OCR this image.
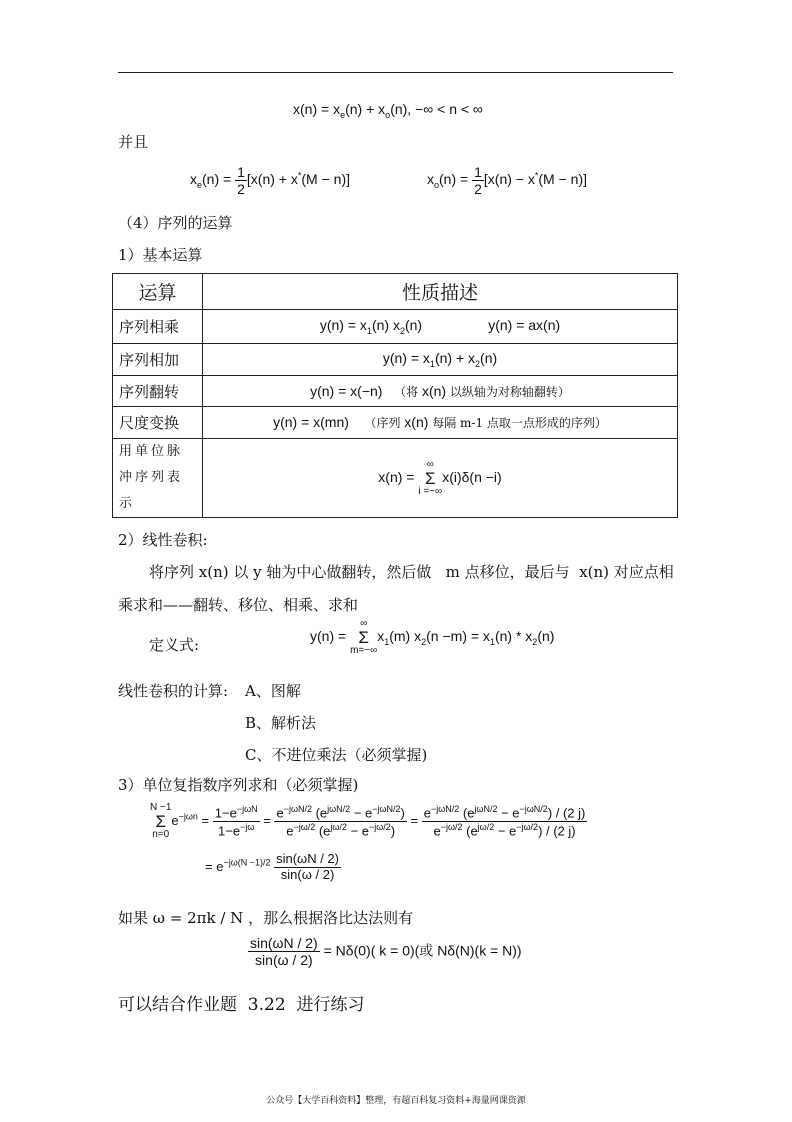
$x(n) = x_e(n) + x_o(n)$, −∞ < n < ∞
并且
$x_e(n) = \frac{1}{2} [x(n) + x^*(M - n)]$	$x_o(n) = \frac{1}{2} [x(n) - x^*(M - n)]$
（4）序列的运算
1）基本运算
运算	性质描述
序列相乘	$y(n) = x_1(n)$ $x_2(n)$                 y(n) = ax(n)
序列相加	$y(n) = x_1(n) + x_2(n)$
序列翻转	y(n) = x(−n)   （将 x(n) 以纵轴为对称轴翻转）
尺度变换	y(n) = x(mn)    （序列 x(n) 每隔 m-1 点取一点形成的序列）
用单位脉冲序列表示	x(n) =
∞
Σ
i =−∞
x(i)δ(n −i)
2）线性卷积:
将序列 x(n) 以 y 轴为中心做翻转，然后做   m 点移位，最后与  x(n) 对应点相
乘求和——翻转、移位、相乘、求和
定义式:	y(n) =
∞
Σ
m=−∞
$x_1(m)$ $x_2(n -m) = x_1(n) * x_2(n)$
线性卷积的计算: A、图解
B、解析法
C、不进位乘法（必须掌握)
3）单位复指数序列求和（必须掌握)
N −1
Σ
n=0
$e^{-j\omega n} = \frac{1-e^{-j\omega N}}{1-e^{-j\omega}} = \frac{e^{-j\omega N/2} (e^{j\omega N/2} - e^{-j\omega N/2})}{e^{-j\omega/2} (e^{j\omega/2} - e^{-j\omega/2})} = \frac{e^{-j\omega N/2} (e^{j\omega N/2} - e^{-j\omega N/2}) / (2 j)}{e^{-j\omega/2} (e^{j\omega/2} - e^{-j\omega/2}) / (2 j)}$
= $e^{-j\omega(N -1)/2} \frac{\sin(\omega N / 2)}{\sin(\omega / 2)}$
如果 ω = 2πk / N ，那么根据洛比达法则有
$\frac{\sin(\omega N / 2)}{\sin(\omega / 2)} = N\delta(0)$( k = 0)(或 Nδ(N)(k = N))
可以结合作业题  3.22  进行练习
公众号【大学百科资料】整理，有超百科复习资料+海量网课资源
